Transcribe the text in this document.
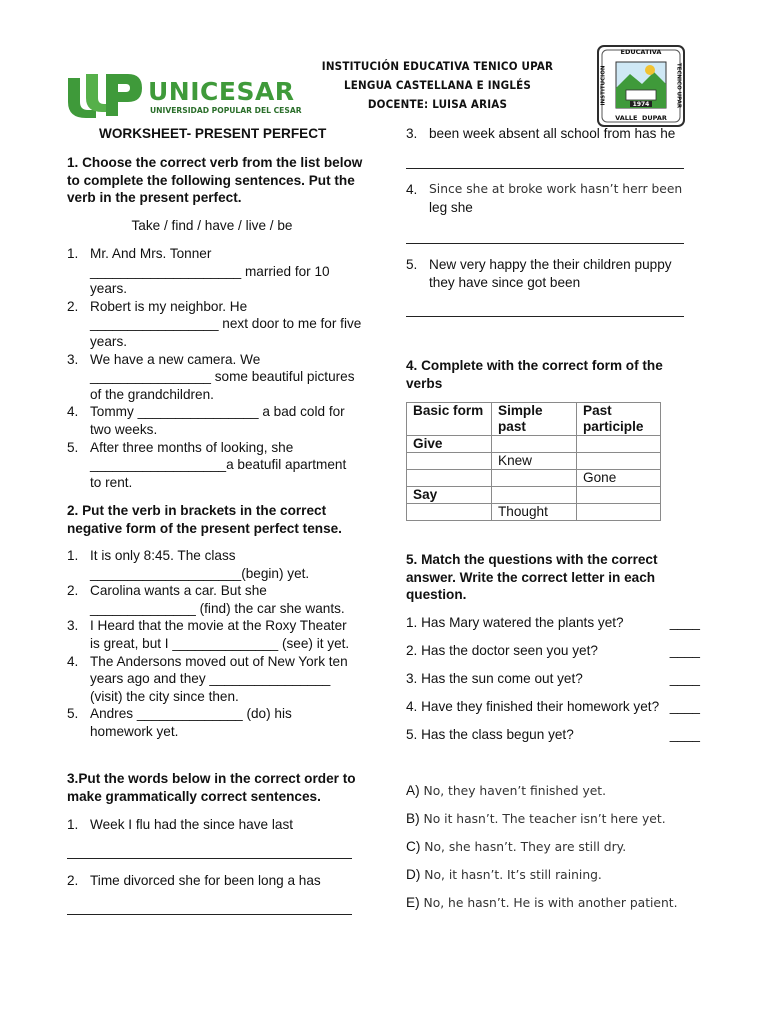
UNICESAR
UNIVERSIDAD POPULAR DEL CESAR
INSTITUCIÓN EDUCATIVA TENICO UPAR
LENGUA CASTELLANA E INGLÉS
DOCENTE: LUISA ARIAS
EDUCATIVA
INSTITUCION	TECNICO UPAR
1974
VALLE  DUPAR
WORKSHEET- PRESENT PERFECT
1. Choose the correct verb from the list below to complete the following sentences. Put the verb in the present perfect.
Take / find / have / live / be
1. Mr. And Mrs. Tonner
____________________ married for 10
years.
2. Robert is my neighbor. He
_________________ next door to me for five
years.
3. We have a new camera. We
________________ some beautiful pictures
of the grandchildren.
4. Tommy ________________ a bad cold for
two weeks.
5. After three months of looking, she
__________________a beatufil apartment
to rent.
2. Put the verb in brackets in the correct negative form of the present perfect tense.
1. It is only 8:45. The class
____________________(begin) yet.
2. Carolina wants a car. But she
______________ (find) the car she wants.
3. I Heard that the movie at the Roxy Theater
is great, but I ______________ (see) it yet.
4. The Andersons moved out of New York ten
years ago and they ________________
(visit) the city since then.
5. Andres ______________ (do) his
homework yet.
3.Put the words below in the correct order to make grammatically correct sentences.
1. Week I flu had the since have last
2. Time divorced she for been long a has
3. been week absent all school from has he
4. Since she at broke work hasn’t herr been
leg she
5. New very happy the their children puppy
they have since got been
4. Complete with the correct form of the verbs
Basic form	Simple past	Past participle
Give		
	Knew	
		Gone
Say		
	Thought	
5. Match the questions with the correct answer. Write the correct letter in each question.
1. Has Mary watered the plants yet?	____
2. Has the doctor seen you yet?	____
3. Has the sun come out yet?	____
4. Have they finished their homework yet? ____
5. Has the class begun yet?	____
A) No, they haven’t finished yet.
B) No it hasn’t. The teacher isn’t here yet.
C) No, she hasn’t. They are still dry.
D) No, it hasn’t. It’s still raining.
E) No, he hasn’t. He is with another patient.
